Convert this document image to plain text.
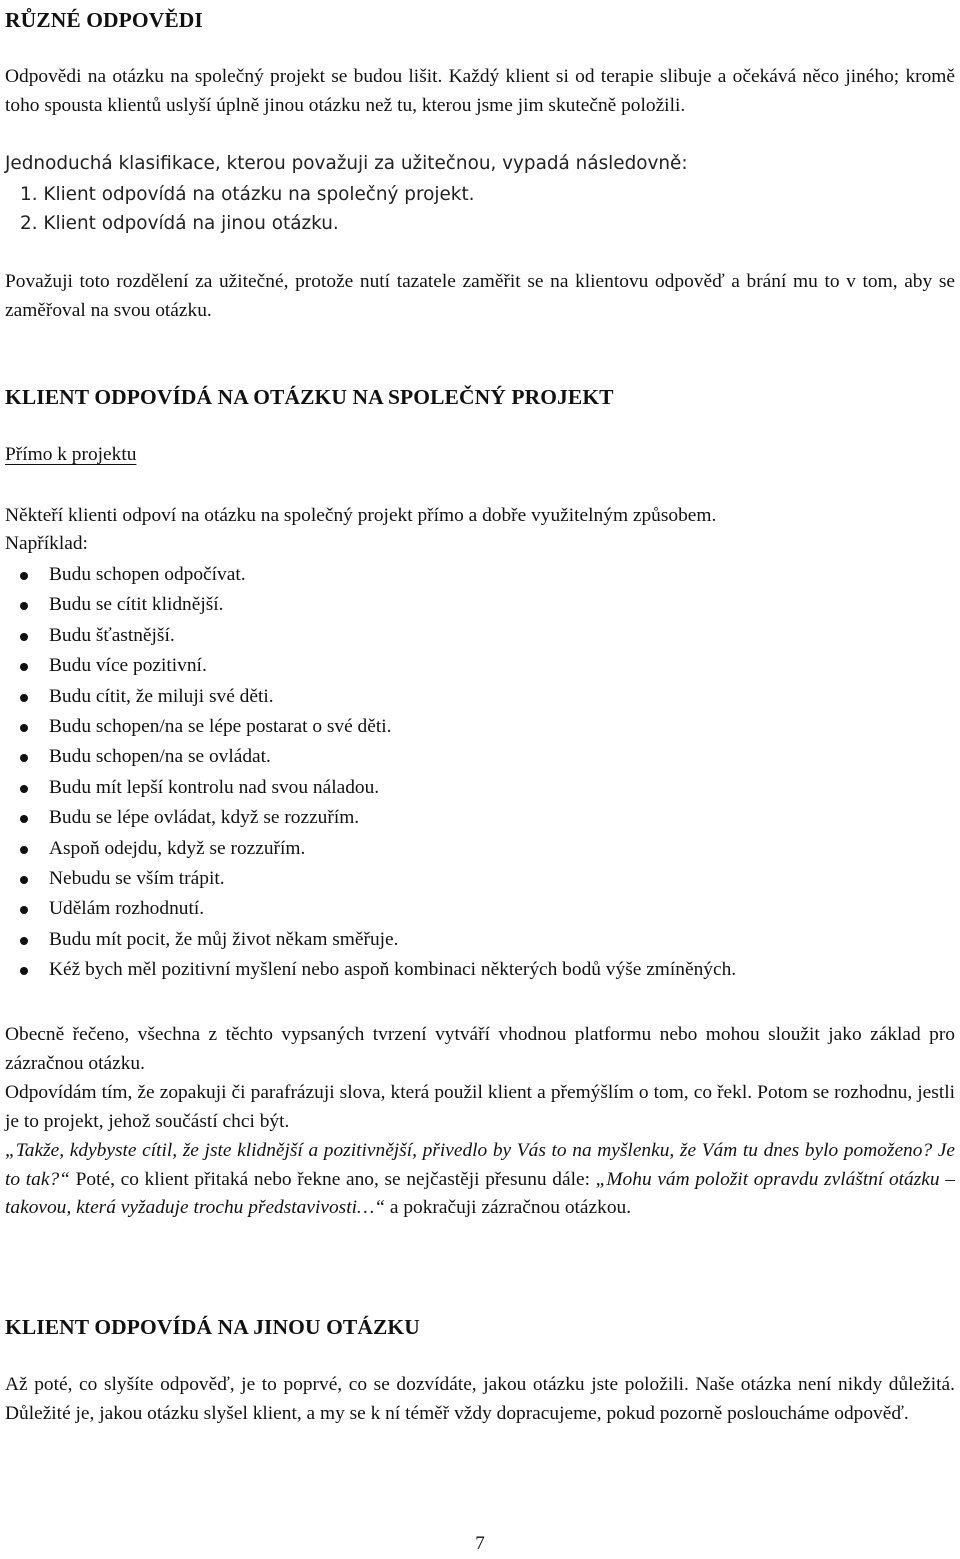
RŮZNÉ ODPOVĚDI

Odpovědi na otázku na společný projekt se budou lišit. Každý klient si od terapie slibuje a očekává něco jiného; kromě toho spousta klientů uslyší úplně jinou otázku než tu, kterou jsme jim skutečně položili.

Jednoduchá klasifikace, kterou považuji za užitečnou, vypadá následovně:

1. Klient odpovídá na otázku na společný projekt.
2. Klient odpovídá na jinou otázku.

Považuji toto rozdělení za užitečné, protože nutí tazatele zaměřit se na klientovu odpověď a brání mu to v tom, aby se zaměřoval na svou otázku.

KLIENT ODPOVÍDÁ NA OTÁZKU NA SPOLEČNÝ PROJEKT
Přímo k projektu

Někteří klienti odpoví na otázku na společný projekt přímo a dobře využitelným způsobem.

Například:

Budu schopen odpočívat.
Budu se cítit klidnější.
Budu šťastnější.
Budu více pozitivní.
Budu cítit, že miluji své děti.
Budu schopen/na se lépe postarat o své děti.
Budu schopen/na se ovládat.
Budu mít lepší kontrolu nad svou náladou.
Budu se lépe ovládat, když se rozzuřím.
Aspoň odejdu, když se rozzuřím.
Nebudu se vším trápit.
Udělám rozhodnutí.
Budu mít pocit, že můj život někam směřuje.
Kéž bych měl pozitivní myšlení nebo aspoň kombinaci některých bodů výše zmíněných.

Obecně řečeno, všechna z těchto vypsaných tvrzení vytváří vhodnou platformu nebo mohou sloužit jako základ pro zázračnou otázku.

Odpovídám tím, že zopakuji či parafrázuji slova, která použil klient a přemýšlím o tom, co řekl. Potom se rozhodnu, jestli je to projekt, jehož součástí chci být.

„Takže, kdybyste cítil, že jste klidnější a pozitivnější, přivedlo by Vás to na myšlenku, že Vám tu dnes bylo pomoženo? Je to tak?“ Poté, co klient přitaká nebo řekne ano, se nejčastěji přesunu dále: „Mohu vám položit opravdu zvláštní otázku – takovou, která vyžaduje trochu představivosti…“ a pokračuji zázračnou otázkou.

KLIENT ODPOVÍDÁ NA JINOU OTÁZKU

Až poté, co slyšíte odpověď, je to poprvé, co se dozvídáte, jakou otázku jste položili. Naše otázka není nikdy důležitá. Důležité je, jakou otázku slyšel klient, a my se k ní téměř vždy dopracujeme, pokud pozorně posloucháme odpověď.

7
